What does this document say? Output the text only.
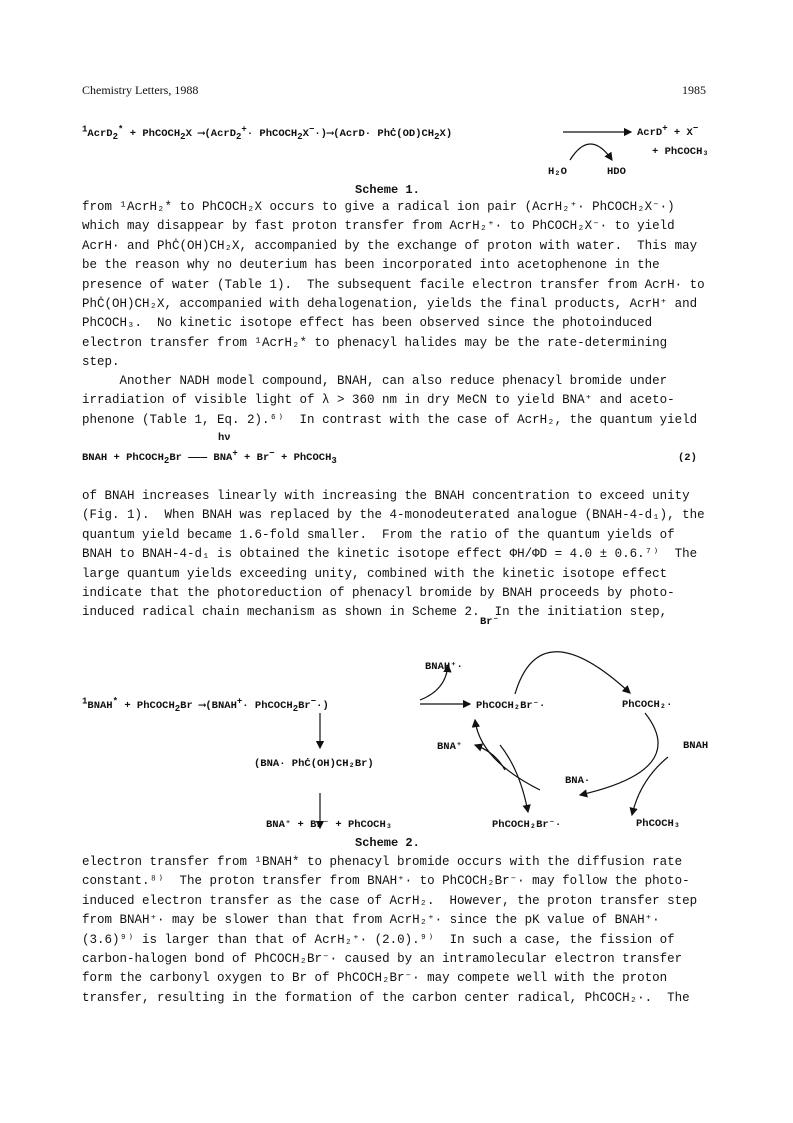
Chemistry Letters, 1988	1985
$^1$AcrD$_2$* + PhCOCH$_2$X ⟶(AcrD$_2$+· PhCOCH$_2$X−·)⟶(AcrD· $PhĊ(OD)CH_2X$)	AcrD+ + X−
+ PhCOCH₃
H₂O	HDO
Scheme 1.
from ¹AcrH₂* to PhCOCH₂X occurs to give a radical ion pair (AcrH₂⁺· PhCOCH₂X⁻·)
which may disappear by fast proton transfer from AcrH₂⁺· to PhCOCH₂X⁻· to yield
AcrH· and PhĊ(OH)CH₂X, accompanied by the exchange of proton with water.  This may
be the reason why no deuterium has been incorporated into acetophenone in the
presence of water (Table 1).  The subsequent facile electron transfer from AcrH· to
PhĊ(OH)CH₂X, accompanied with dehalogenation, yields the final products, AcrH⁺ and
PhCOCH₃.  No kinetic isotope effect has been observed since the photoinduced
electron transfer from ¹AcrH₂* to phenacyl halides may be the rate-determining
step.
Another NADH model compound, BNAH, can also reduce phenacyl bromide under
irradiation of visible light of λ > 360 nm in dry MeCN to yield BNA⁺ and aceto-
phenone (Table 1, Eq. 2).⁶⁾  In contrast with the case of AcrH₂, the quantum yield
hν
BNAH + PhCOCH$_2$Br ——— BNA+ + Br− + PhCOCH$_3$	(2)
of BNAH increases linearly with increasing the BNAH concentration to exceed unity
(Fig. 1).  When BNAH was replaced by the 4-monodeuterated analogue (BNAH-4-d₁), the
quantum yield became 1.6-fold smaller.  From the ratio of the quantum yields of
BNAH to BNAH-4-d₁ is obtained the kinetic isotope effect ΦH/ΦD = 4.0 ± 0.6.⁷⁾  The
large quantum yields exceeding unity, combined with the kinetic isotope effect
indicate that the photoreduction of phenacyl bromide by BNAH proceeds by photo-
induced radical chain mechanism as shown in Scheme 2.  In the initiation step,
Br⁻
BNAH⁺·
$^1$BNAH* + PhCOCH$_2$Br ⟶(BNAH+· PhCOCH$_2$Br−·)	PhCOCH₂Br⁻·	PhCOCH₂·
BNA⁺	BNAH
(BNA· PhĊ(OH)CH₂Br)
BNA·
BNA⁺ + Br⁻ + PhCOCH₃	PhCOCH₂Br⁻·	PhCOCH₃
Scheme 2.
electron transfer from ¹BNAH* to phenacyl bromide occurs with the diffusion rate
constant.⁸⁾  The proton transfer from BNAH⁺· to PhCOCH₂Br⁻· may follow the photo-
induced electron transfer as the case of AcrH₂.  However, the proton transfer step
from BNAH⁺· may be slower than that from AcrH₂⁺· since the pK value of BNAH⁺·
(3.6)⁹⁾ is larger than that of AcrH₂⁺· (2.0).⁹⁾  In such a case, the fission of
carbon-halogen bond of PhCOCH₂Br⁻· caused by an intramolecular electron transfer
form the carbonyl oxygen to Br of PhCOCH₂Br⁻· may compete well with the proton
transfer, resulting in the formation of the carbon center radical, PhCOCH₂·.  The
